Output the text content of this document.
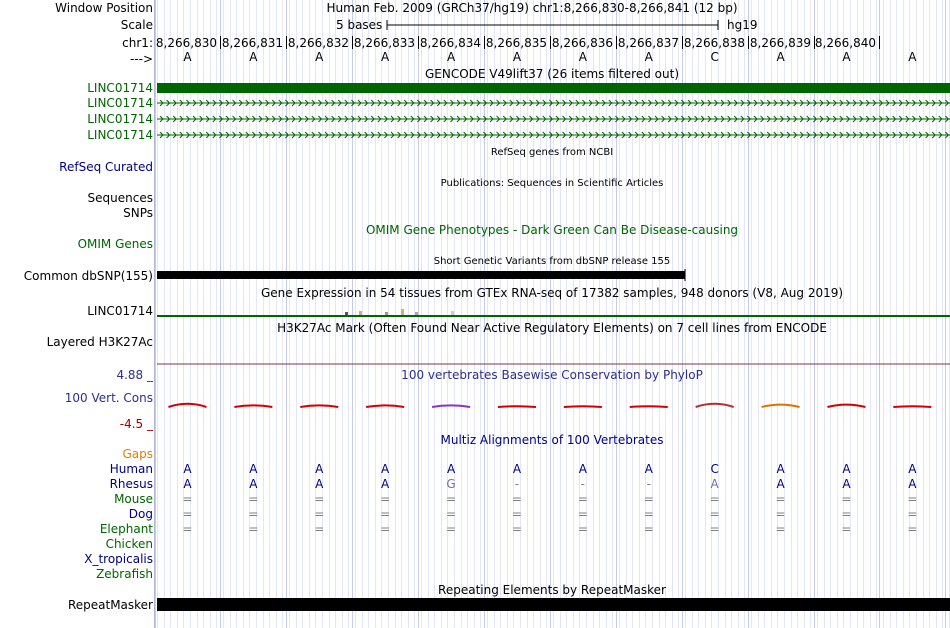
Window Position
Scale
chr1:
--->
Human Feb. 2009 (GRCh37/hg19) chr1:8,266,830-8,266,841 (12 bp)
5 bases	hg19
8,266,830 8,266,831 8,266,832 8,266,833 8,266,834 8,266,835 8,266,836 8,266,837 8,266,838 8,266,839 8,266,840
A	A	A	A	A	A	A	A	C	A	A	A
GENCODE V49lift37 (26 items filtered out)
LINC01714
LINC01714
LINC01714
LINC01714
RefSeq Curated
RefSeq genes from NCBI
Publications: Sequences in Scientific Articles
Sequences
SNPs
OMIM Gene Phenotypes - Dark Green Can Be Disease-causing
OMIM Genes
Short Genetic Variants from dbSNP release 155
Common dbSNP(155)
Gene Expression in 54 tissues from GTEx RNA-seq of 17382 samples, 948 donors (V8, Aug 2019)
LINC01714
H3K27Ac Mark (Often Found Near Active Regulatory Elements) on 7 cell lines from ENCODE
Layered H3K27Ac
100 vertebrates Basewise Conservation by PhyloP
4.88 _
100 Vert. Cons
-4.5 _
Multiz Alignments of 100 Vertebrates
Gaps
Human	A	A	A	A	A	A	A	A	C	A	A	A
Rhesus	A	A	A	A	G	-	-	-	A	A	A	A
Mouse =	=	=	=	=	=	=	=	=	=	=	=
Dog =	=	=	=	=	=	=	=	=	=	=	=
Elephant =	=	=	=	=	=	=	=	=	=	=	=
Chicken
X_tropicalis
Zebrafish
Repeating Elements by RepeatMasker
RepeatMasker
